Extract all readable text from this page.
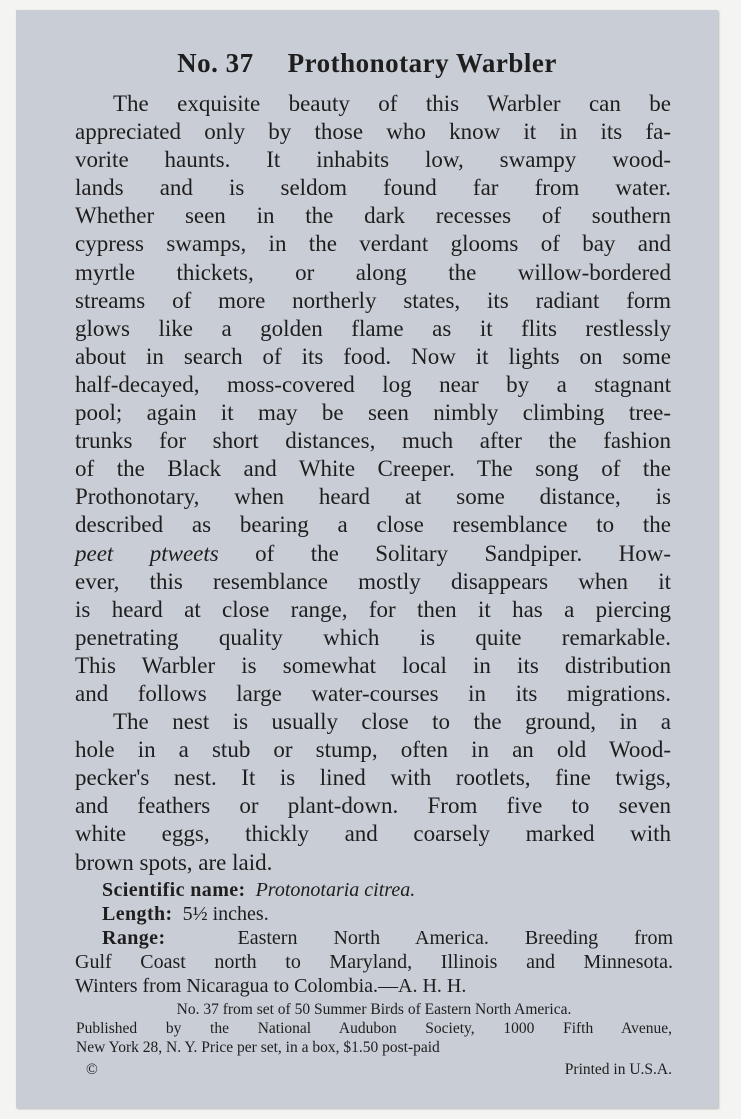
No. 37 Prothonotary Warbler
The exquisite beauty of this Warbler can be
appreciated only by those who know it in its fa-
vorite haunts. It inhabits low, swampy wood-
lands and is seldom found far from water.
Whether seen in the dark recesses of southern
cypress swamps, in the verdant glooms of bay and
myrtle thickets, or along the willow-bordered
streams of more northerly states, its radiant form
glows like a golden flame as it flits restlessly
about in search of its food. Now it lights on some
half-decayed, moss-covered log near by a stagnant
pool; again it may be seen nimbly climbing tree-
trunks for short distances, much after the fashion
of the Black and White Creeper. The song of the
Prothonotary, when heard at some distance, is
described as bearing a close resemblance to the
peet ptweets of the Solitary Sandpiper. How-
ever, this resemblance mostly disappears when it
is heard at close range, for then it has a piercing
penetrating quality which is quite remarkable.
This Warbler is somewhat local in its distribution
and follows large water-courses in its migrations.
The nest is usually close to the ground, in a
hole in a stub or stump, often in an old Wood-
pecker's nest. It is lined with rootlets, fine twigs,
and feathers or plant-down. From five to seven
white eggs, thickly and coarsely marked with
brown spots, are laid.
Scientific name: Protonotaria citrea.
Length: 5½ inches.
Range:	Eastern North America. Breeding from
Gulf Coast north to Maryland, Illinois and Minnesota.
Winters from Nicaragua to Colombia.—A. H. H.
No. 37 from set of 50 Summer Birds of Eastern North America.
Published by the National Audubon Society, 1000 Fifth Avenue,
New York 28, N. Y. Price per set, in a box, $1.50 post-paid
©	Printed in U.S.A.
